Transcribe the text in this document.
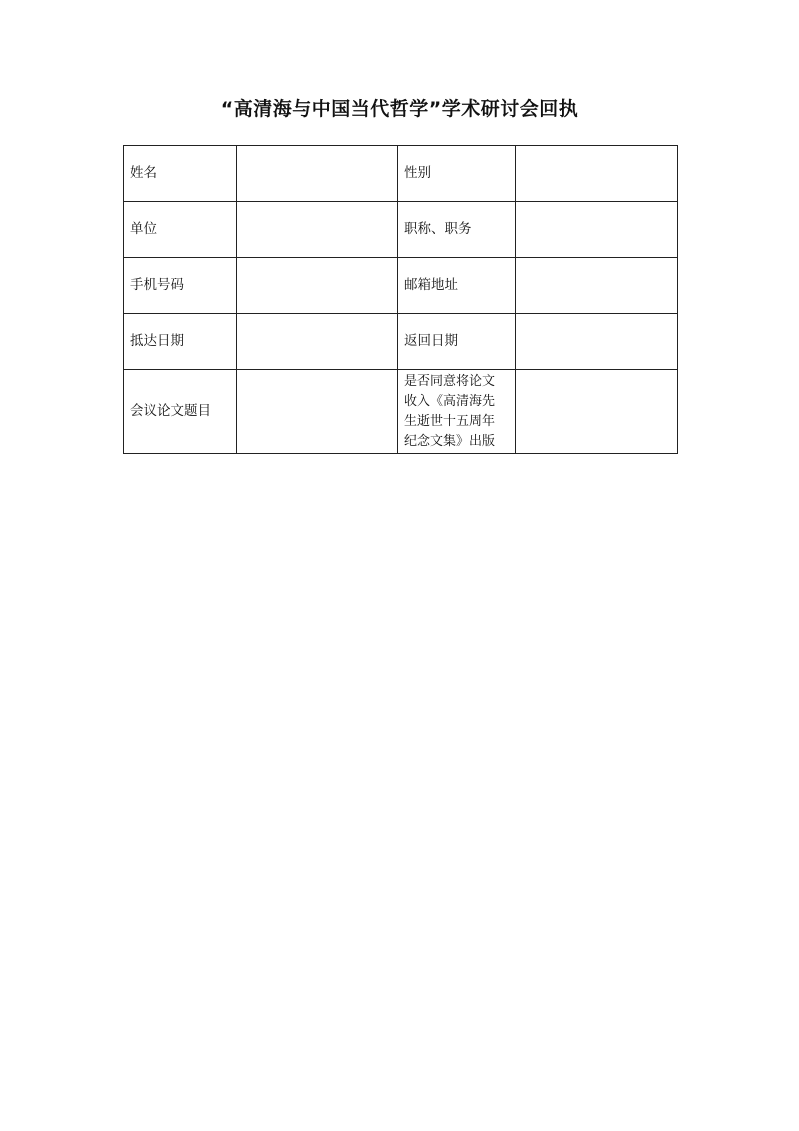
“高清海与中国当代哲学”学术研讨会回执
姓名		性别	
单位		职称、职务	
手机号码		邮箱地址	
抵达日期		返回日期	
会议论文题目		是否同意将论文
收入《高清海先
生逝世十五周年
纪念文集》出版
